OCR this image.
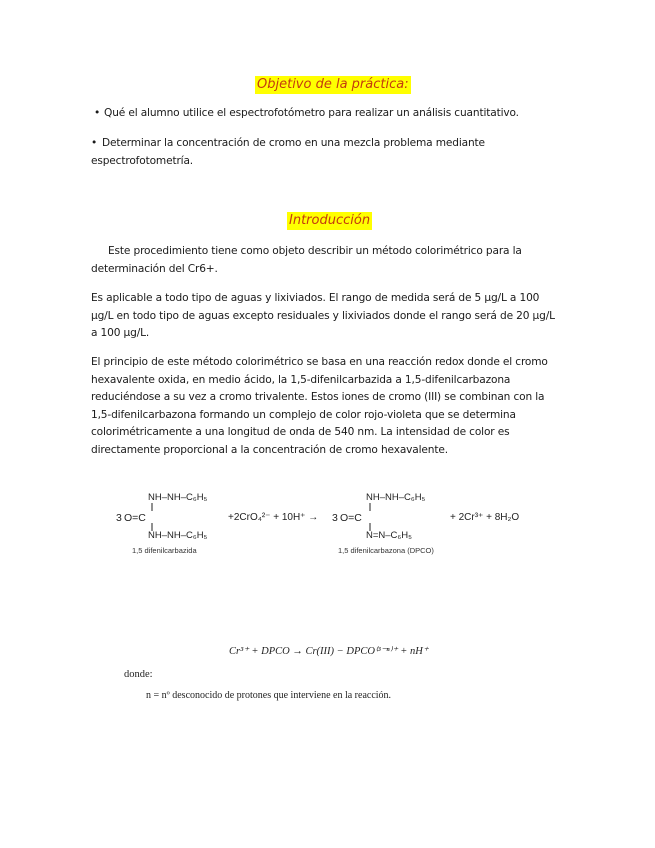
Objetivo de la práctica:
• Qué el alumno utilice el espectrofotómetro para realizar un análisis cuantitativo.
• Determinar la concentración de cromo en una mezcla problema mediante espectrofotometría.
Introducción
Este procedimiento tiene como objeto describir un método colorimétrico para la determinación del Cr6+.
Es aplicable a todo tipo de aguas y lixiviados. El rango de medida será de 5 µg/L a 100 µg/L en todo tipo de aguas excepto residuales y lixiviados donde el rango será de 20 µg/L a 100 µg/L.
El principio de este método colorimétrico se basa en una reacción redox donde el cromo hexavalente oxida, en medio ácido, la 1,5-difenilcarbazida a 1,5-difenilcarbazona reduciéndose a su vez a cromo trivalente. Estos iones de cromo (III) se combinan con la 1,5-difenilcarbazona formando un complejo de color rojo-violeta que se determina colorimétricamente a una longitud de onda de 540 nm. La intensidad de color es directamente proporcional a la concentración de cromo hexavalente.
NH–NH–C₆H₅
3 O=C
NH–NH–C₆H₅
1,5 difenilcarbazida
+2CrO₄²⁻ + 10H⁺ →
NH–NH–C₆H₅
3 O=C
N=N–C₆H₅
1,5 difenilcarbazona (DPCO)
+ 2Cr³⁺ + 8H₂O
Cr³⁺ + DPCO → Cr(III) − DPCO⁽³⁻ⁿ⁾⁺ + nH⁺
donde:
n = nº desconocido de protones que interviene en la reacción.
